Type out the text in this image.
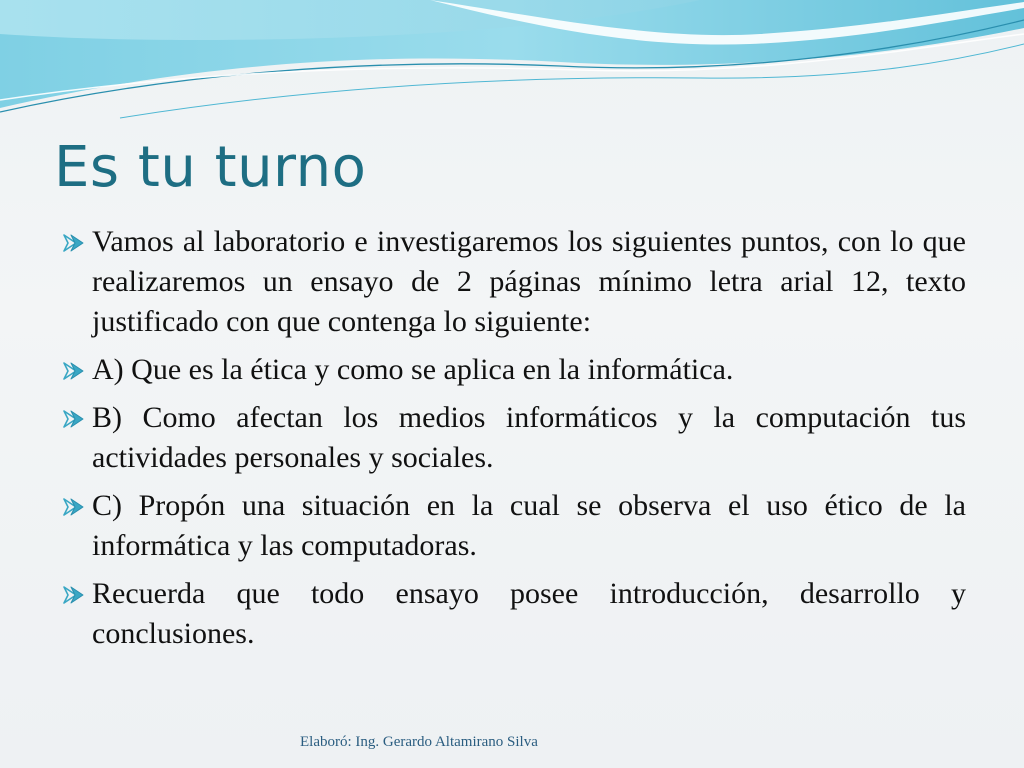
Es tu turno
Vamos al laboratorio e investigaremos los siguientes puntos, con lo que realizaremos un ensayo de 2 páginas mínimo letra arial 12, texto justificado con que contenga lo siguiente:
A) Que es la ética y como se aplica en la informática.
B) Como afectan los medios informáticos y la computación tus actividades personales y sociales.
C) Propón una situación en la cual se observa el uso ético de la informática y las computadoras.
Recuerda que todo ensayo posee introducción, desarrollo y conclusiones.
Elaboró: Ing. Gerardo Altamirano Silva
